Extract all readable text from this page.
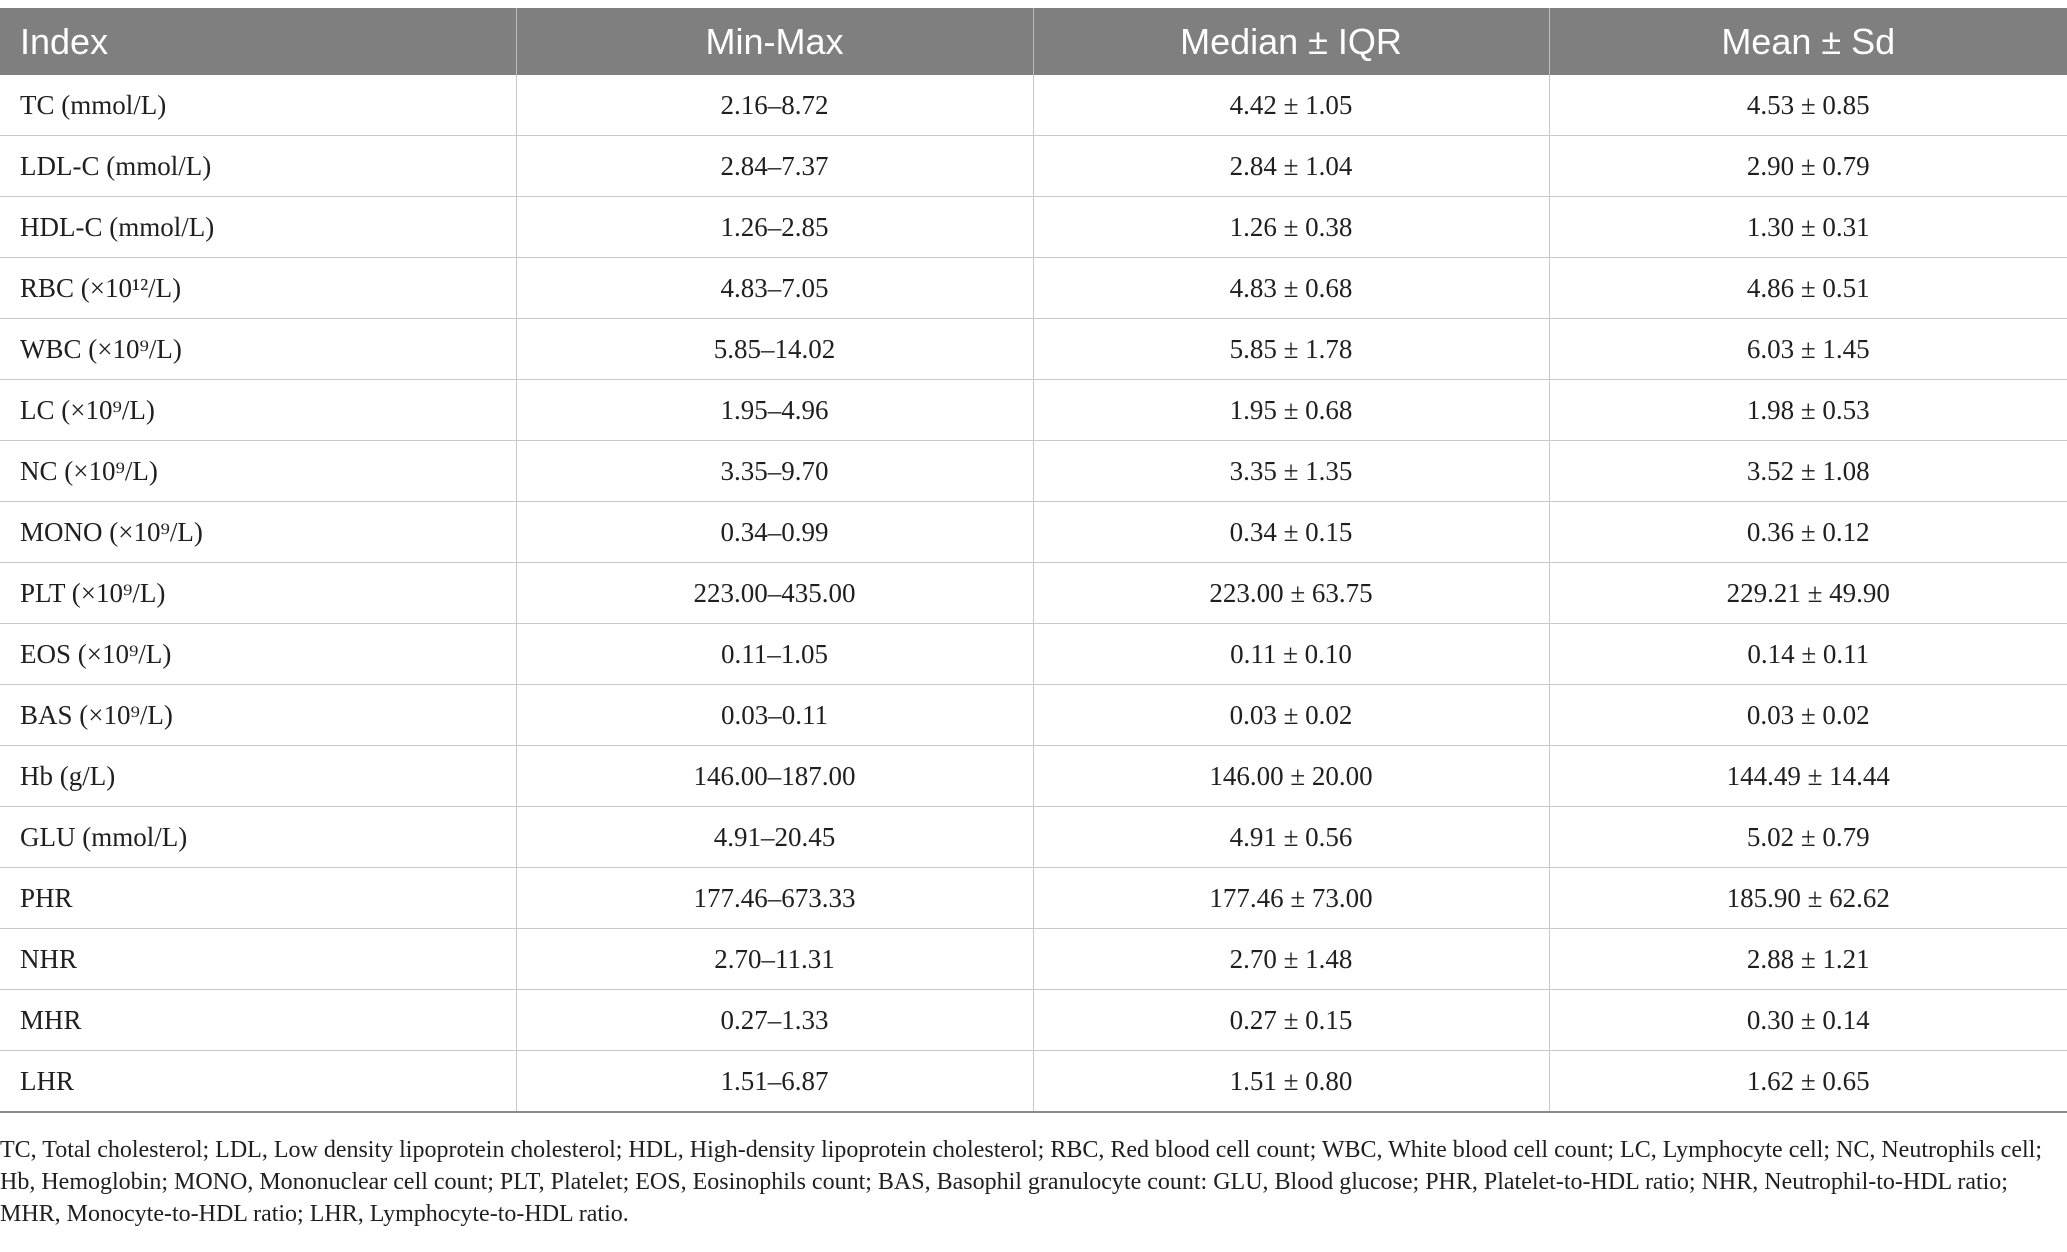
Index	Min-Max	Median ± IQR	Mean ± Sd
TC (mmol/L)	2.16–8.72	4.42 ± 1.05	4.53 ± 0.85
LDL-C (mmol/L)	2.84–7.37	2.84 ± 1.04	2.90 ± 0.79
HDL-C (mmol/L)	1.26–2.85	1.26 ± 0.38	1.30 ± 0.31
RBC (×10¹²/L)	4.83–7.05	4.83 ± 0.68	4.86 ± 0.51
WBC (×10⁹/L)	5.85–14.02	5.85 ± 1.78	6.03 ± 1.45
LC (×10⁹/L)	1.95–4.96	1.95 ± 0.68	1.98 ± 0.53
NC (×10⁹/L)	3.35–9.70	3.35 ± 1.35	3.52 ± 1.08
MONO (×10⁹/L)	0.34–0.99	0.34 ± 0.15	0.36 ± 0.12
PLT (×10⁹/L)	223.00–435.00	223.00 ± 63.75	229.21 ± 49.90
EOS (×10⁹/L)	0.11–1.05	0.11 ± 0.10	0.14 ± 0.11
BAS (×10⁹/L)	0.03–0.11	0.03 ± 0.02	0.03 ± 0.02
Hb (g/L)	146.00–187.00	146.00 ± 20.00	144.49 ± 14.44
GLU (mmol/L)	4.91–20.45	4.91 ± 0.56	5.02 ± 0.79
PHR	177.46–673.33	177.46 ± 73.00	185.90 ± 62.62
NHR	2.70–11.31	2.70 ± 1.48	2.88 ± 1.21
MHR	0.27–1.33	0.27 ± 0.15	0.30 ± 0.14
LHR	1.51–6.87	1.51 ± 0.80	1.62 ± 0.65

TC, Total cholesterol; LDL, Low density lipoprotein cholesterol; HDL, High-density lipoprotein cholesterol; RBC, Red blood cell count; WBC, White blood cell count; LC, Lymphocyte cell; NC, Neutrophils cell; Hb, Hemoglobin; MONO, Mononuclear cell count; PLT, Platelet; EOS, Eosinophils count; BAS, Basophil granulocyte count: GLU, Blood glucose; PHR, Platelet-to-HDL ratio; NHR, Neutrophil-to-HDL ratio; MHR, Monocyte-to-HDL ratio; LHR, Lymphocyte-to-HDL ratio.
